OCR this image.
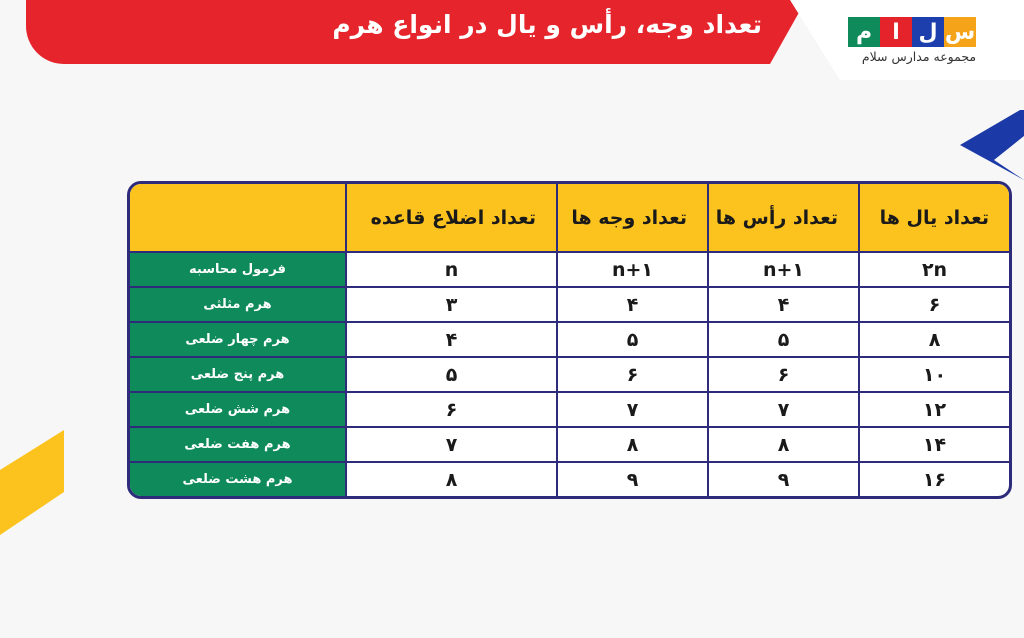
تعداد وجه، رأس و یال در انواع هرم	س
ل
ا
م
مجموعه مدارس سلام
تعداد یال ها	تعداد رأس ها	تعداد وجه ها	تعداد اضلاع قاعده	
۲n	n+۱	n+۱	n	فرمول محاسبه
۶	۴	۴	۳	هرم مثلثی
۸	۵	۵	۴	هرم چهار ضلعی
۱۰	۶	۶	۵	هرم پنج ضلعی
۱۲	۷	۷	۶	هرم شش ضلعی
۱۴	۸	۸	۷	هرم هفت ضلعی
۱۶	۹	۹	۸	هرم هشت ضلعی
